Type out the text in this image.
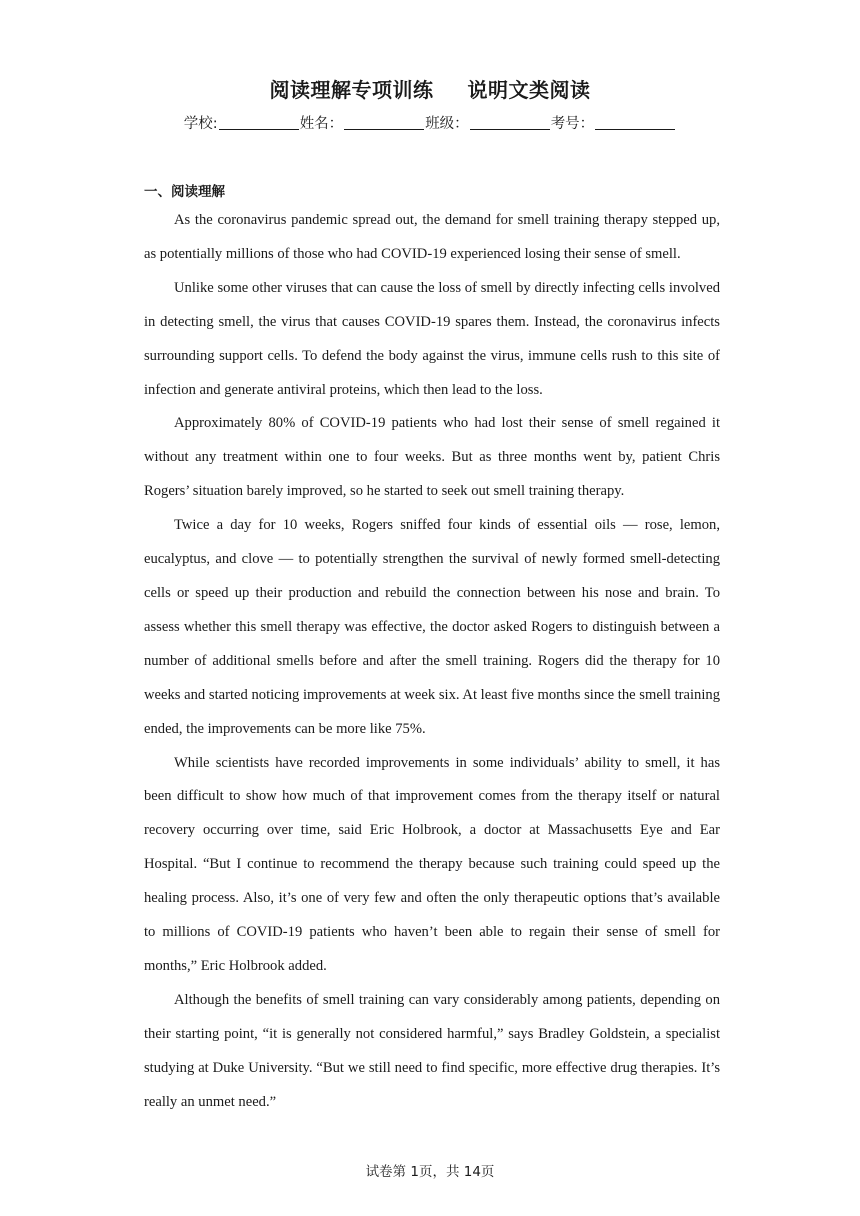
阅读理解专项训练 说明文类阅读
学校:	姓名：	班级：	考号：
一、阅读理解

As the coronavirus pandemic spread out, the demand for smell training therapy stepped up, as potentially millions of those who had COVID-19 experienced losing their sense of smell.

Unlike some other viruses that can cause the loss of smell by directly infecting cells involved in detecting smell, the virus that causes COVID-19 spares them. Instead, the coronavirus infects surrounding support cells. To defend the body against the virus, immune cells rush to this site of infection and generate antiviral proteins, which then lead to the loss.

Approximately 80% of COVID-19 patients who had lost their sense of smell regained it without any treatment within one to four weeks. But as three months went by, patient Chris Rogers’ situation barely improved, so he started to seek out smell training therapy.

Twice a day for 10 weeks, Rogers sniffed four kinds of essential oils — rose, lemon, eucalyptus, and clove — to potentially strengthen the survival of newly formed smell-detecting cells or speed up their production and rebuild the connection between his nose and brain. To assess whether this smell therapy was effective, the doctor asked Rogers to distinguish between a number of additional smells before and after the smell training. Rogers did the therapy for 10 weeks and started noticing improvements at week six. At least five months since the smell training ended, the improvements can be more like 75%.

While scientists have recorded improvements in some individuals’ ability to smell, it has been difficult to show how much of that improvement comes from the therapy itself or natural recovery occurring over time, said Eric Holbrook, a doctor at Massachusetts Eye and Ear Hospital. “But I continue to recommend the therapy because such training could speed up the healing process. Also, it’s one of very few and often the only therapeutic options that’s available to millions of COVID-19 patients who haven’t been able to regain their sense of smell for months,” Eric Holbrook added.

Although the benefits of smell training can vary considerably among patients, depending on their starting point, “it is generally not considered harmful,” says Bradley Goldstein, a specialist studying at Duke University. “But we still need to find specific, more effective drug therapies. It’s really an unmet need.”

试卷第 1页，共 14页
